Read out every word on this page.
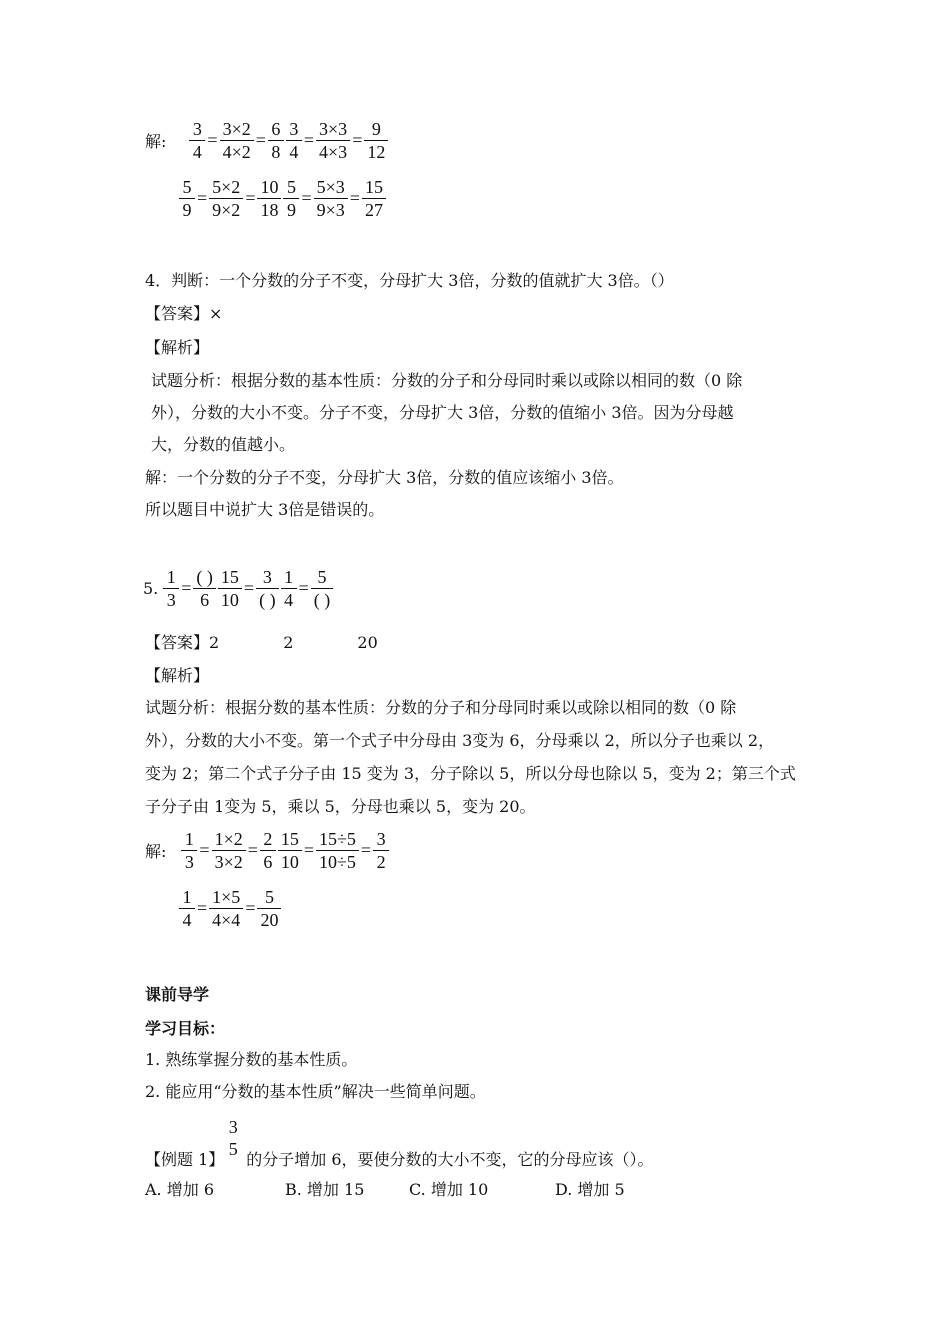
解: $\frac{3}{4} = \frac{3\times 2}{4\times 2} = \frac{6}{8} \frac{3}{4} = \frac{3\times 3}{4\times 3} = \frac{9}{12}$
$\frac{5}{9} = \frac{5\times 2}{9\times 2} = \frac{10}{18} \frac{5}{9} = \frac{5\times 3}{9\times 3} = \frac{15}{27}$
4．判断：一个分数的分子不变，分母扩大 3倍，分数的值就扩大 3倍。（）
【答案】×
【解析】
试题分析：根据分数的基本性质：分数的分子和分母同时乘以或除以相同的数（0 除
外），分数的大小不变。分子不变，分母扩大 3倍，分数的值缩小 3倍。因为分母越
大，分数的值越小。
解：一个分数的分子不变，分母扩大 3倍，分数的值应该缩小 3倍。
所以题目中说扩大 3倍是错误的。
5. $\frac{1}{3} = \frac{( )}{6} \frac{15}{10} = \frac{3}{( )} \frac{1}{4} = \frac{5}{( )}$
【答案】2	2	20
【解析】
试题分析：根据分数的基本性质：分数的分子和分母同时乘以或除以相同的数（0 除
外），分数的大小不变。第一个式子中分母由 3变为 6，分母乘以 2，所以分子也乘以 2，
变为 2；第二个式子分子由 15 变为 3，分子除以 5，所以分母也除以 5，变为 2；第三个式
子分子由 1变为 5，乘以 5，分母也乘以 5，变为 20。
解: $\frac{1}{3} = \frac{1\times 2}{3\times 2} = \frac{2}{6} \frac{15}{10} = \frac{15\div 5}{10\div 5} = \frac{3}{2}$
$\frac{1}{4} = \frac{1\times 5}{4\times 4} = \frac{5}{20}$
课前导学
学习目标：
1. 熟练掌握分数的基本性质。
2. 能应用“分数的基本性质”解决一些简单问题。
【例题 1】
3
5
的分子增加 6，要使分数的大小不变，它的分母应该（）。
A. 增加 6	B. 增加 15	C. 增加 10	D. 增加 5
